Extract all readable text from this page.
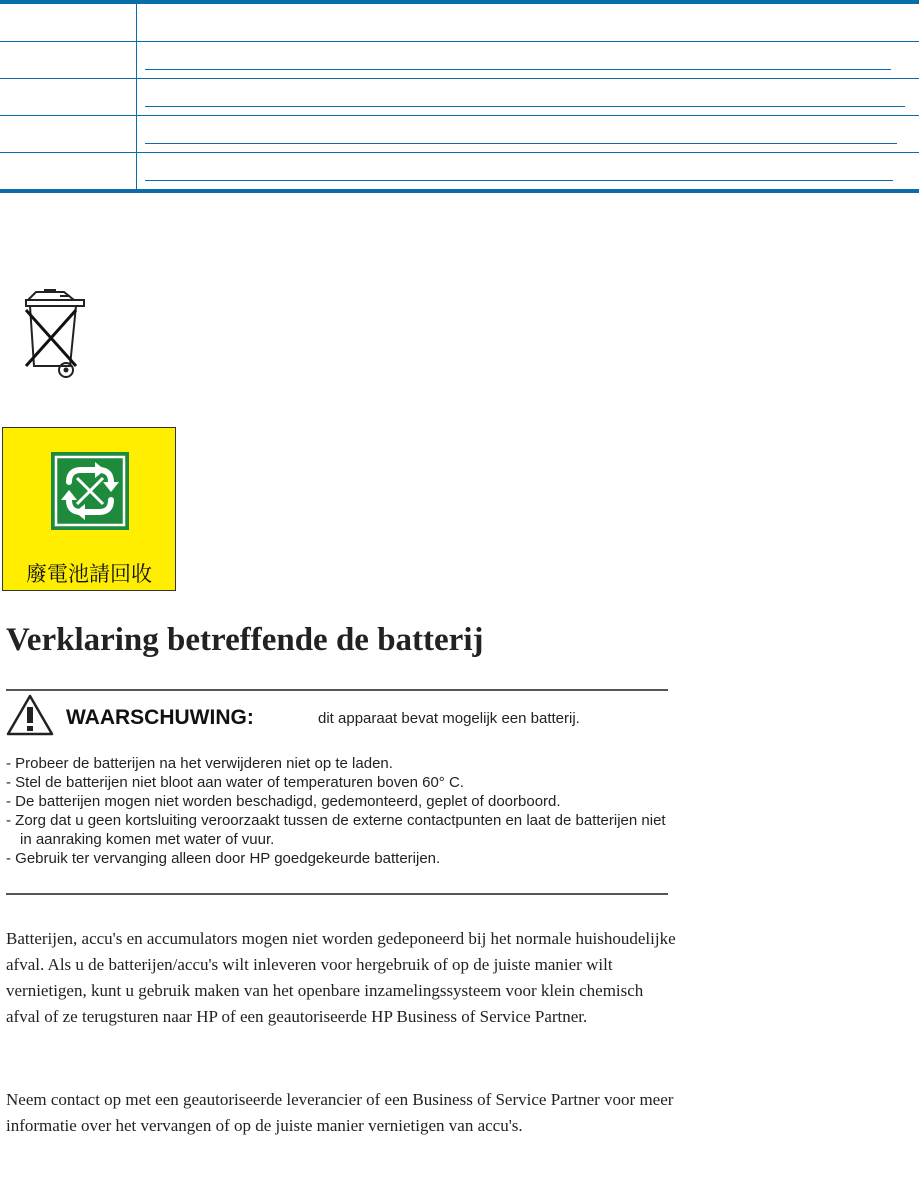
廢電池請回收
Verklaring betreffende de batterij
WAARSCHUWING:	dit apparaat bevat mogelijk een batterij.
- Probeer de batterijen na het verwijderen niet op te laden.
- Stel de batterijen niet bloot aan water of temperaturen boven 60° C.
- De batterijen mogen niet worden beschadigd, gedemonteerd, geplet of doorboord.
- Zorg dat u geen kortsluiting veroorzaakt tussen de externe contactpunten en laat de batterijen niet in aanraking komen met water of vuur.
- Gebruik ter vervanging alleen door HP goedgekeurde batterijen.

Batterijen, accu's en accumulators mogen niet worden gedeponeerd bij het normale huishoudelijke afval. Als u de batterijen/accu's wilt inleveren voor hergebruik of op de juiste manier wilt vernietigen, kunt u gebruik maken van het openbare inzamelingssysteem voor klein chemisch afval of ze terugsturen naar HP of een geautoriseerde HP Business of Service Partner.

Neem contact op met een geautoriseerde leverancier of een Business of Service Partner voor meer informatie over het vervangen of op de juiste manier vernietigen van accu's.
